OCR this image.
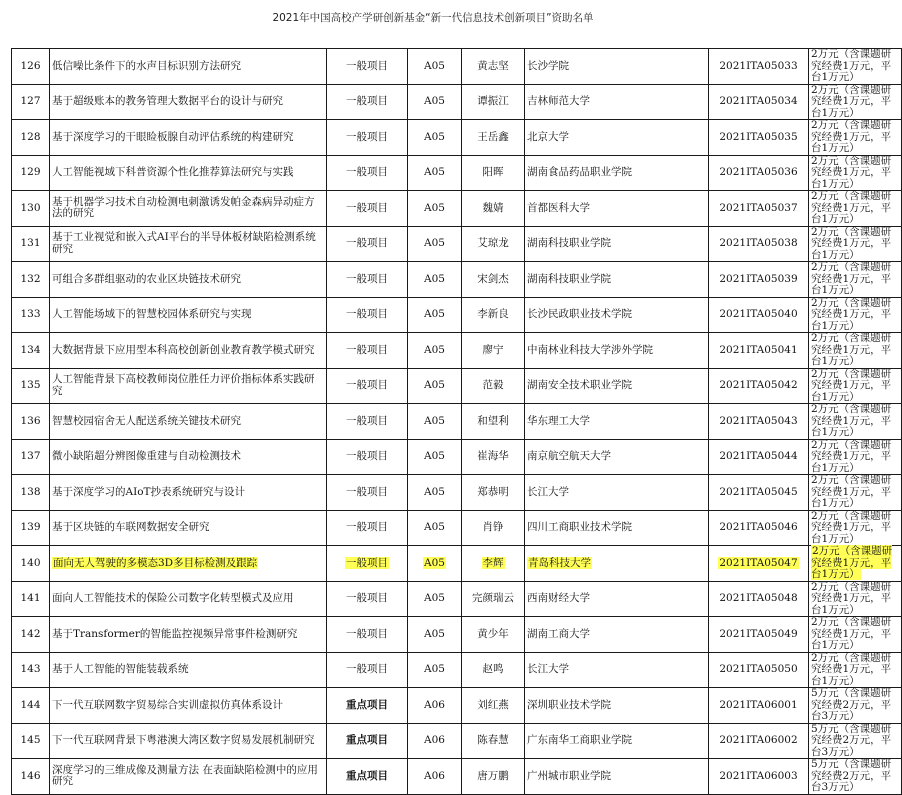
2021年中国高校产学研创新基金“新一代信息技术创新项目”资助名单
126	低信噪比条件下的水声目标识别方法研究	一般项目	A05	黄志坚	长沙学院	2021ITA05033	2万元（含课题研究经费1万元，平台1万元）
127	基于超级账本的教务管理大数据平台的设计与研究	一般项目	A05	谭振江	吉林师范大学	2021ITA05034	2万元（含课题研究经费1万元，平台1万元）
128	基于深度学习的干眼睑板腺自动评估系统的构建研究	一般项目	A05	王岳鑫	北京大学	2021ITA05035	2万元（含课题研究经费1万元，平台1万元）
129	人工智能视域下科普资源个性化推荐算法研究与实践	一般项目	A05	阳晖	湖南食品药品职业学院	2021ITA05036	2万元（含课题研究经费1万元，平台1万元）
130	基于机器学习技术自动检测电刺激诱发帕金森病异动症方法的研究	一般项目	A05	魏婧	首都医科大学	2021ITA05037	2万元（含课题研究经费1万元，平台1万元）
131	基于工业视觉和嵌入式AI平台的半导体板材缺陷检测系统研究	一般项目	A05	艾琼龙	湖南科技职业学院	2021ITA05038	2万元（含课题研究经费1万元，平台1万元）
132	可组合多群组驱动的农业区块链技术研究	一般项目	A05	宋剑杰	湖南科技职业学院	2021ITA05039	2万元（含课题研究经费1万元，平台1万元）
133	人工智能场域下的智慧校园体系研究与实现	一般项目	A05	李新良	长沙民政职业技术学院	2021ITA05040	2万元（含课题研究经费1万元，平台1万元）
134	大数据背景下应用型本科高校创新创业教育教学模式研究	一般项目	A05	廖宁	中南林业科技大学涉外学院	2021ITA05041	2万元（含课题研究经费1万元，平台1万元）
135	人工智能背景下高校教师岗位胜任力评价指标体系实践研究	一般项目	A05	范毅	湖南安全技术职业学院	2021ITA05042	2万元（含课题研究经费1万元，平台1万元）
136	智慧校园宿舍无人配送系统关键技术研究	一般项目	A05	和望利	华东理工大学	2021ITA05043	2万元（含课题研究经费1万元，平台1万元）
137	微小缺陷超分辨图像重建与自动检测技术	一般项目	A05	崔海华	南京航空航天大学	2021ITA05044	2万元（含课题研究经费1万元，平台1万元）
138	基于深度学习的AIoT抄表系统研究与设计	一般项目	A05	郑恭明	长江大学	2021ITA05045	2万元（含课题研究经费1万元，平台1万元）
139	基于区块链的车联网数据安全研究	一般项目	A05	肖铮	四川工商职业技术学院	2021ITA05046	2万元（含课题研究经费1万元，平台1万元）
140	面向无人驾驶的多模态3D多目标检测及跟踪	一般项目	A05	李辉	青岛科技大学	2021ITA05047	2万元（含课题研究经费1万元，平台1万元）
141	面向人工智能技术的保险公司数字化转型模式及应用	一般项目	A05	完颜瑞云	西南财经大学	2021ITA05048	2万元（含课题研究经费1万元，平台1万元）
142	基于Transformer的智能监控视频异常事件检测研究	一般项目	A05	黄少年	湖南工商大学	2021ITA05049	2万元（含课题研究经费1万元，平台1万元）
143	基于人工智能的智能装载系统	一般项目	A05	赵鸣	长江大学	2021ITA05050	2万元（含课题研究经费1万元，平台1万元）
144	下一代互联网数字贸易综合实训虚拟仿真体系设计	重点项目	A06	刘红燕	深圳职业技术学院	2021ITA06001	5万元（含课题研究经费2万元，平台3万元）
145	下一代互联网背景下粤港澳大湾区数字贸易发展机制研究	重点项目	A06	陈春慧	广东南华工商职业学院	2021ITA06002	5万元（含课题研究经费2万元，平台3万元）
146	深度学习的三维成像及测量方法 在表面缺陷检测中的应用研究	重点项目	A06	唐万鹏	广州城市职业学院	2021ITA06003	5万元（含课题研究经费2万元，平台3万元）
